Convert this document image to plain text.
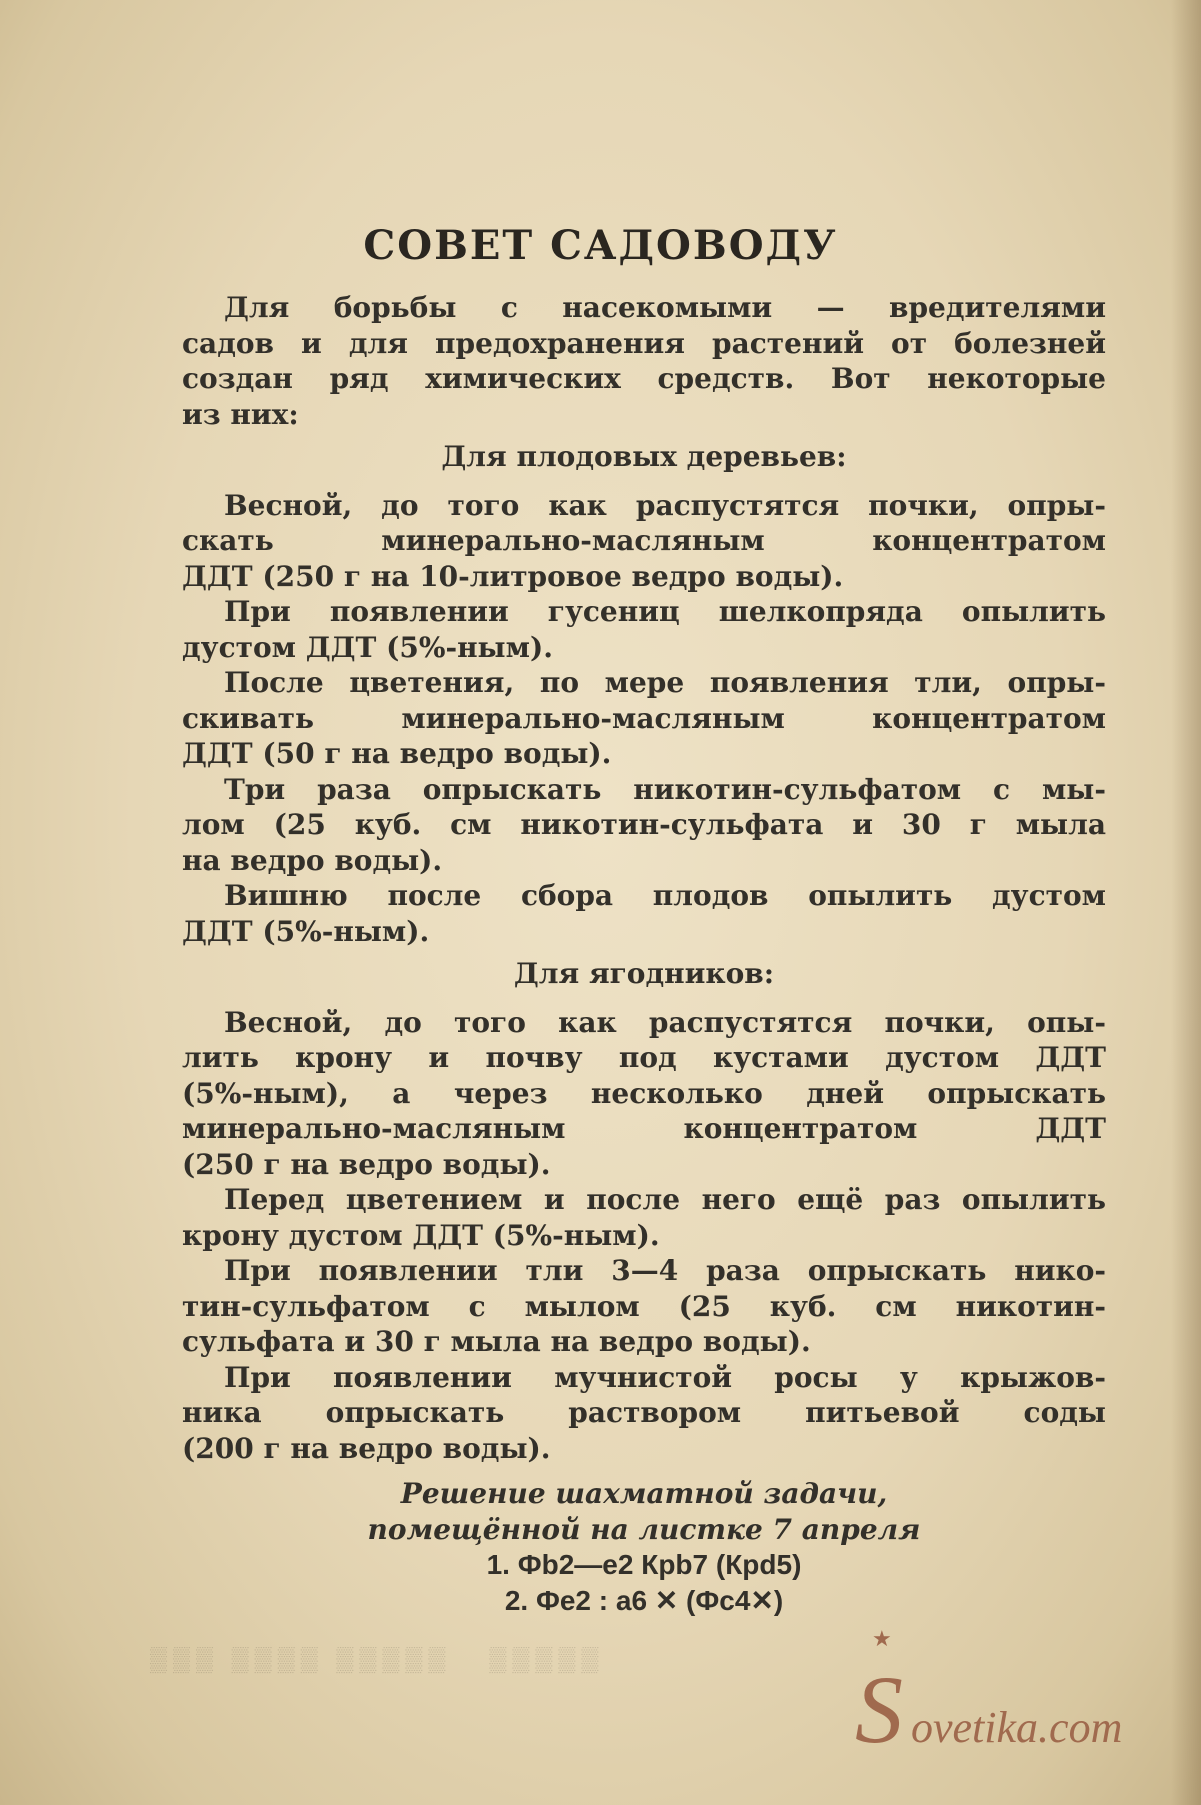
СОВЕТ САДОВОДУ
Для борьбы с насекомыми — вредителями
садов и для предохранения растений от болезней
создан ряд химических средств. Вот некоторые
из них:
Для плодовых деревьев:
Весной, до того как распустятся почки, опры-
скать минерально-масляным концентратом
ДДТ (250 г на 10-литровое ведро воды).
При появлении гусениц шелкопряда опылить
дустом ДДТ (5%-ным).
После цветения, по мере появления тли, опры-
скивать минерально-масляным концентратом
ДДТ (50 г на ведро воды).
Три раза опрыскать никотин-сульфатом с мы-
лом (25 куб. см никотин-сульфата и 30 г мыла
на ведро воды).
Вишню после сбора плодов опылить дустом
ДДТ (5%-ным).
Для ягодников:
Весной, до того как распустятся почки, опы-
лить крону и почву под кустами дустом ДДТ
(5%-ным), а через несколько дней опрыскать
минерально-масляным концентратом ДДТ
(250 г на ведро воды).
Перед цветением и после него ещё раз опылить
крону дустом ДДТ (5%-ным).
При появлении тли 3—4 раза опрыскать нико-
тин-сульфатом с мылом (25 куб. см никотин-
сульфата и 30 г мыла на ведро воды).
При появлении мучнистой росы у крыжов-
ника опрыскать раствором питьевой соды
(200 г на ведро воды).
Решение шахматной задачи,
помещённой на листке 7 апреля
1. Фb2—e2 Крb7 (Крd5)
2. Фe2 : a6 ✕ (Фc4✕)
▒▒▒ ▒▒▒▒ ▒▒▒▒▒   ▒▒▒▒▒
★
S ovetika.com
